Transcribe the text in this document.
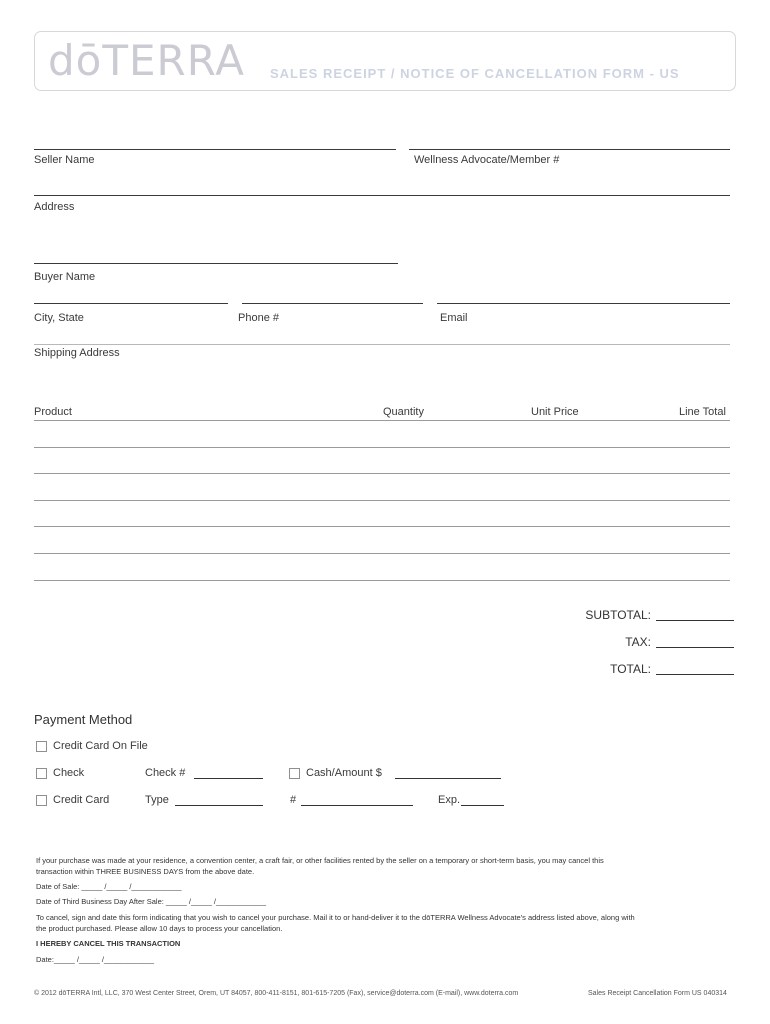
dōTERRA SALES RECEIPT / NOTICE OF CANCELLATION FORM - US
Seller Name	Wellness Advocate/Member #
Address
Buyer Name
City, State	Phone #	Email
Shipping Address
Product	Quantity	Unit Price	Line Total
SUBTOTAL:
TAX:
TOTAL:
Payment Method
Credit Card On File
Check	Check #	Cash/Amount $
Credit Card	Type	#	Exp.
If your purchase was made at your residence, a convention center, a craft fair, or other facilities rented by the seller on a temporary or short-term basis, you may cancel this
transaction within THREE BUSINESS DAYS from the above date.
Date of Sale: _____ /_____ /____________
Date of Third Business Day After Sale: _____ /_____ /____________
To cancel, sign and date this form indicating that you wish to cancel your purchase. Mail it to or hand-deliver it to the dōTERRA Wellness Advocate's address listed above, along with
the product purchased. Please allow 10 days to process your cancellation.
I HEREBY CANCEL THIS TRANSACTION
Date:_____ /_____ /____________
© 2012 dōTERRA Intl, LLC, 370 West Center Street, Orem, UT 84057, 800-411-8151, 801-615-7205 (Fax), service@doterra.com (E-mail), www.doterra.com	Sales Receipt Cancellation Form US 040314
